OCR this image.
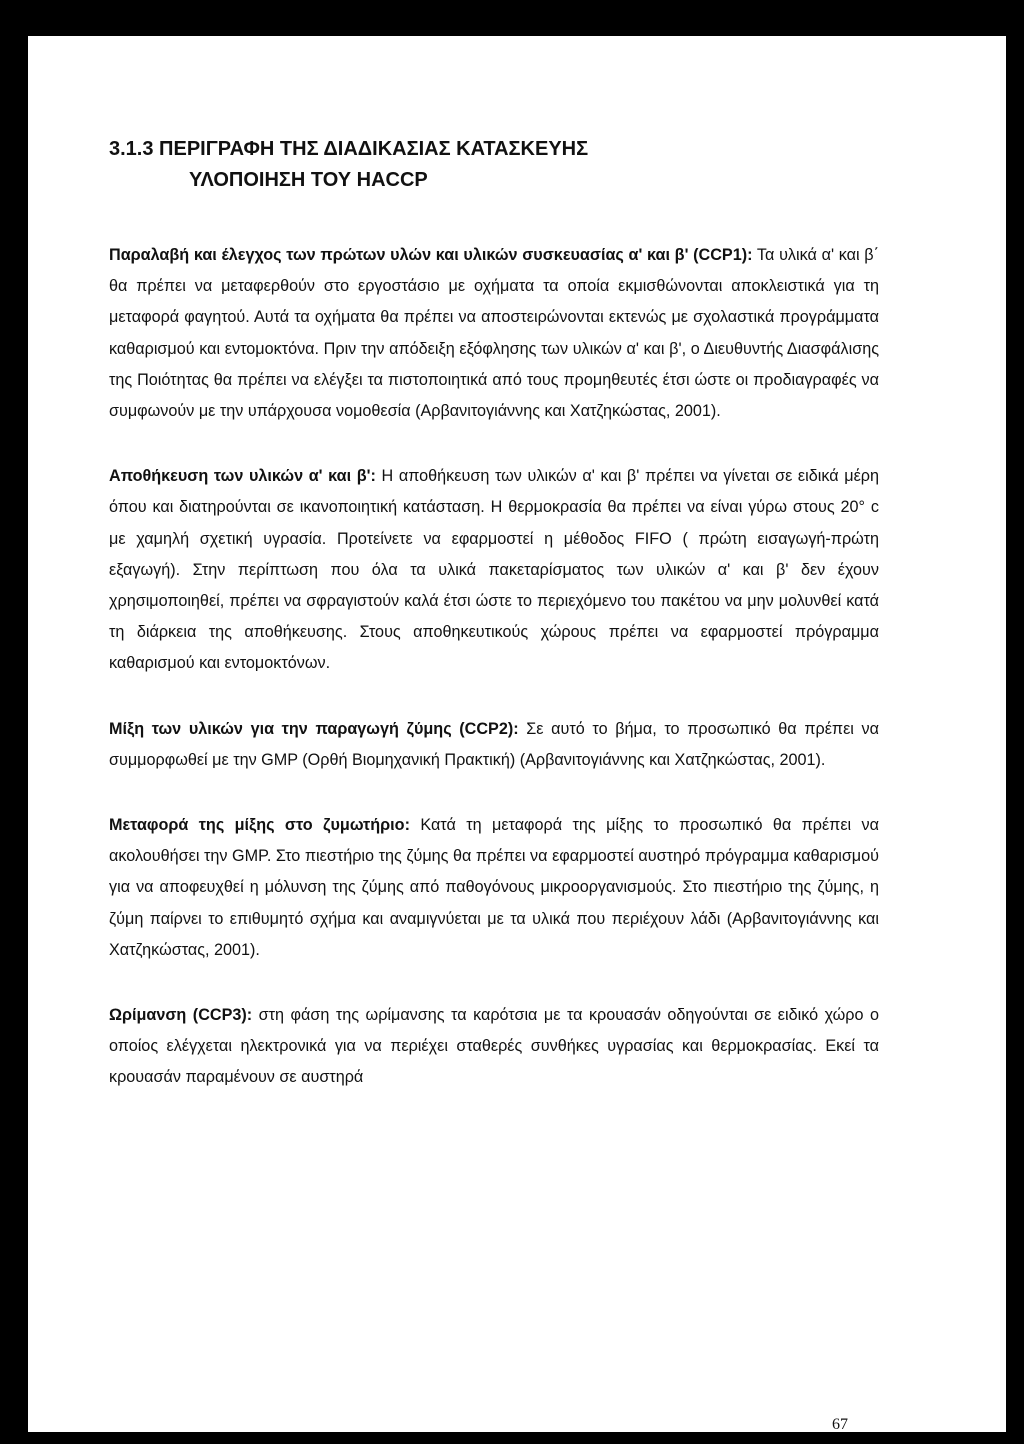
3.1.3 ΠΕΡΙΓΡΑΦΗ ΤΗΣ ΔΙΑΔΙΚΑΣΙΑΣ ΚΑΤΑΣΚΕΥΗΣ
ΥΛΟΠΟΙΗΣΗ ΤΟΥ HACCP

Παραλαβή και έλεγχος των πρώτων υλών και υλικών συσκευασίας α' και β' (CCP1): Τα υλικά α' και β΄ θα πρέπει να μεταφερθούν στο εργοστάσιο με οχήματα τα οποία εκμισθώνονται αποκλειστικά για τη μεταφορά φαγητού. Αυτά τα οχήματα θα πρέπει να αποστειρώνονται εκτενώς με σχολαστικά προγράμματα καθαρισμού και εντομοκτόνα. Πριν την απόδειξη εξόφλησης των υλικών α' και β', ο Διευθυντής Διασφάλισης της Ποιότητας θα πρέπει να ελέγξει τα πιστοποιητικά από τους προμηθευτές έτσι ώστε οι προδιαγραφές να συμφωνούν με την υπάρχουσα νομοθεσία (Αρβανιτογιάννης και Χατζηκώστας, 2001).

Αποθήκευση των υλικών α' και β': Η αποθήκευση των υλικών α' και β' πρέπει να γίνεται σε ειδικά μέρη όπου και διατηρούνται σε ικανοποιητική κατάσταση. Η θερμοκρασία θα πρέπει να είναι γύρω στους 20° c με χαμηλή σχετική υγρασία. Προτείνετε να εφαρμοστεί η μέθοδος FIFO ( πρώτη εισαγωγή-πρώτη εξαγωγή). Στην περίπτωση που όλα τα υλικά πακεταρίσματος των υλικών α' και β' δεν έχουν χρησιμοποιηθεί, πρέπει να σφραγιστούν καλά έτσι ώστε το περιεχόμενο του πακέτου να μην μολυνθεί κατά τη διάρκεια της αποθήκευσης. Στους αποθηκευτικούς χώρους πρέπει να εφαρμοστεί πρόγραμμα καθαρισμού και εντομοκτόνων.

Μίξη των υλικών για την παραγωγή ζύμης (CCP2): Σε αυτό το βήμα, το προσωπικό θα πρέπει να συμμορφωθεί με την GMP (Ορθή Βιομηχανική Πρακτική) (Αρβανιτογιάννης και Χατζηκώστας, 2001).

Μεταφορά της μίξης στο ζυμωτήριο: Κατά τη μεταφορά της μίξης το προσωπικό θα πρέπει να ακολουθήσει την GMP. Στο πιεστήριο της ζύμης θα πρέπει να εφαρμοστεί αυστηρό πρόγραμμα καθαρισμού για να αποφευχθεί η μόλυνση της ζύμης από παθογόνους μικροοργανισμούς. Στο πιεστήριο της ζύμης, η ζύμη παίρνει το επιθυμητό σχήμα και αναμιγνύεται με τα υλικά που περιέχουν λάδι (Αρβανιτογιάννης και Χατζηκώστας, 2001).

Ωρίμανση (CCP3): στη φάση της ωρίμανσης τα καρότσια με τα κρουασάν οδηγούνται σε ειδικό χώρο ο οποίος ελέγχεται ηλεκτρονικά για να περιέχει σταθερές συνθήκες υγρασίας και θερμοκρασίας. Εκεί τα κρουασάν παραμένουν σε αυστηρά

67
